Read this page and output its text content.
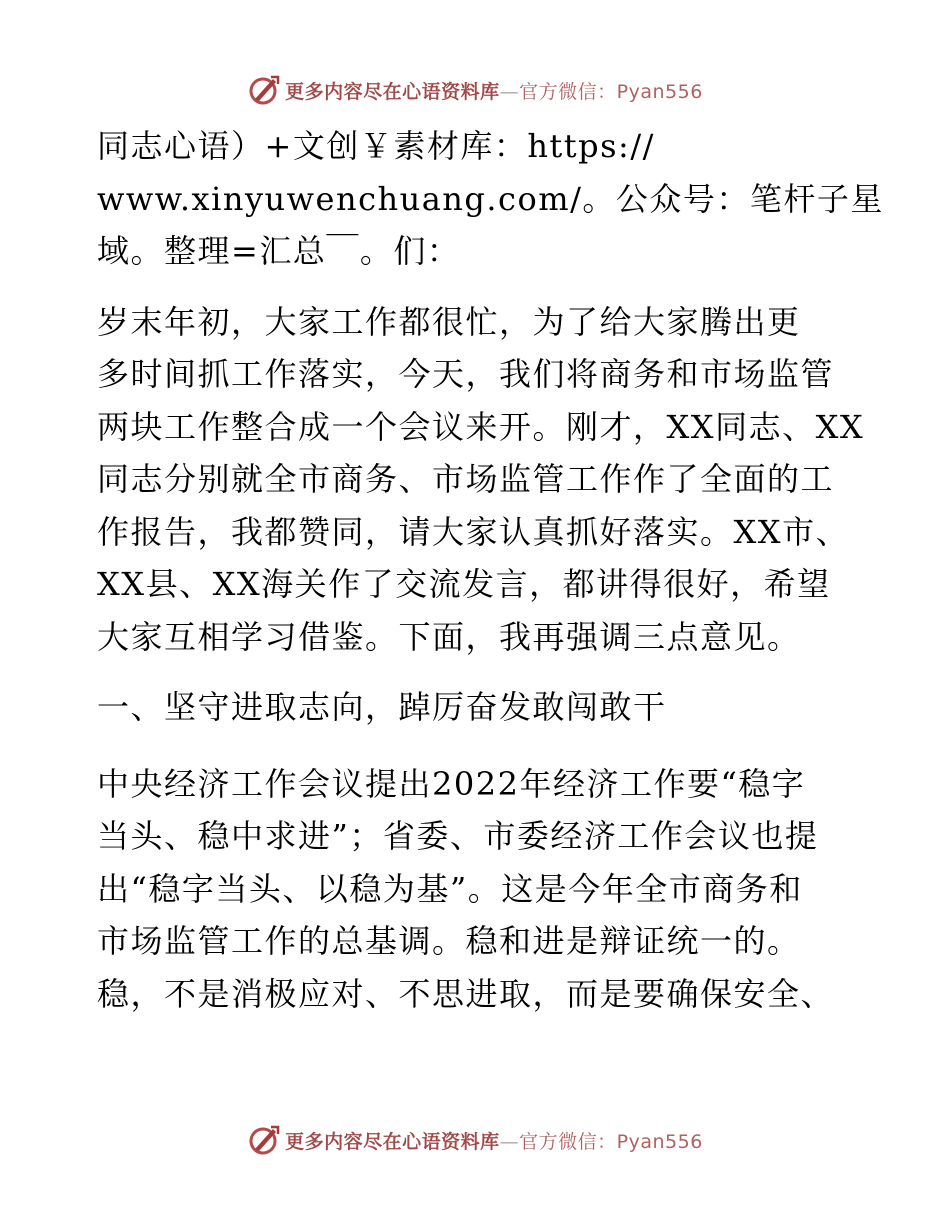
更多内容尽在心语资料库—官方微信：Pyan556
同志心语）+文创￥素材库：https://
www.xinyuwenchuang.com/。公众号：笔杆子星
域。整理=汇总￣。们：
岁末年初，大家工作都很忙，为了给大家腾出更
多时间抓工作落实，今天，我们将商务和市场监管
两块工作整合成一个会议来开。刚才，XX同志、XX
同志分别就全市商务、市场监管工作作了全面的工
作报告，我都赞同，请大家认真抓好落实。XX市、
XX县、XX海关作了交流发言，都讲得很好，希望
大家互相学习借鉴。下面，我再强调三点意见。
一、坚守进取志向，踔厉奋发敢闯敢干
中央经济工作会议提出2022年经济工作要“稳字
当头、稳中求进”；省委、市委经济工作会议也提
出“稳字当头、以稳为基”。这是今年全市商务和
市场监管工作的总基调。稳和进是辩证统一的。
稳，不是消极应对、不思进取，而是要确保安全、
更多内容尽在心语资料库—官方微信：Pyan556
